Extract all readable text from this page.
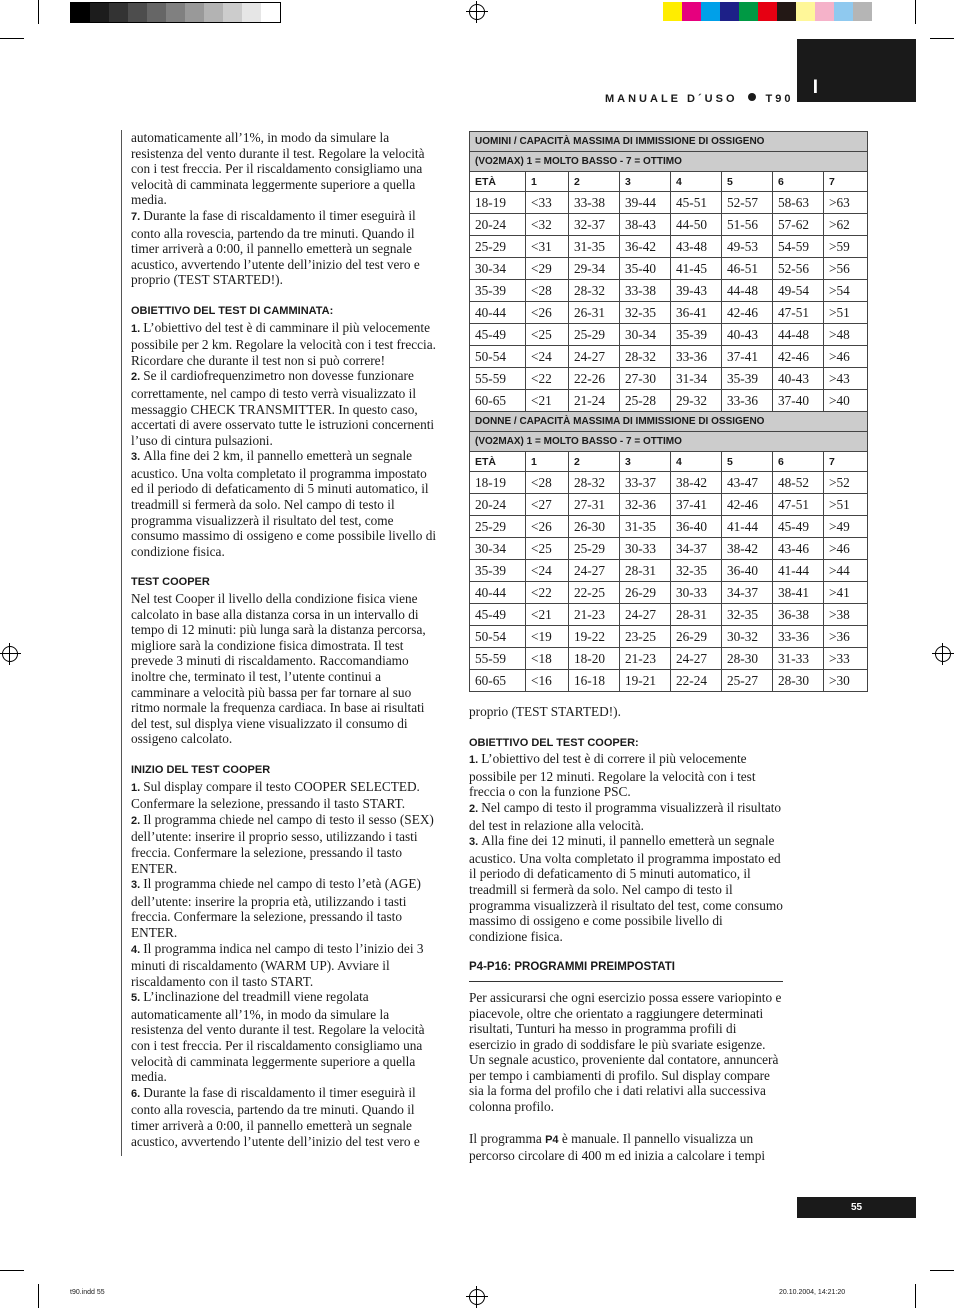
I
MANUALE D´USO	T90

automaticamente all’1%, in modo da simulare la resistenza del vento durante il test. Regolare la velocità con i test freccia. Per il riscaldamento consigliamo una velocità di camminata leggermente superiore a quella media.

7. Durante la fase di riscaldamento il timer eseguirà il conto alla rovescia, partendo da tre minuti. Quando il timer arriverà a 0:00, il pannello emetterà un segnale acustico, avvertendo l’utente dell’inizio del test vero e proprio (TEST STARTED!).

OBIETTIVO DEL TEST DI CAMMINATA:

1. L’obiettivo del test è di camminare il più velocemente possibile per 2 km. Regolare la velocità con i test freccia. Ricordare che durante il test non si può correre!

2. Se il cardiofrequenzimetro non dovesse funzionare correttamente, nel campo di testo verrà visualizzato il messaggio CHECK TRANSMITTER. In questo caso, accertati di avere osservato tutte le istruzioni concernenti l’uso di cintura pulsazioni.

3. Alla fine dei 2 km, il pannello emetterà un segnale acustico. Una volta completato il programma impostato ed il periodo di defaticamento di 5 minuti automatico, il treadmill si fermerà da solo. Nel campo di testo il programma visualizzerà il risultato del test, come consumo massimo di ossigeno e come possibile livello di condizione fisica.

TEST COOPER

Nel test Cooper il livello della condizione fisica viene calcolato in base alla distanza corsa in un intervallo di tempo di 12 minuti: più lunga sarà la distanza percorsa, migliore sarà la condizione fisica dimostrata. Il test prevede 3 minuti di riscaldamento. Raccomandiamo inoltre che, terminato il test, l’utente continui a camminare a velocità più bassa per far tornare al suo ritmo normale la frequenza cardiaca. In base ai risultati del test, sul displya viene visualizzato il consumo di ossigeno calcolato.

INIZIO DEL TEST COOPER

1. Sul display compare il testo COOPER SELECTED. Confermare la selezione, pressando il tasto START.

2. Il programma chiede nel campo di testo il sesso (SEX) dell’utente: inserire il proprio sesso, utilizzando i tasti freccia. Confermare la selezione, pressando il tasto ENTER.

3. Il programma chiede nel campo di testo l’età (AGE) dell’utente: inserire la propria età, utilizzando i tasti freccia. Confermare la selezione, pressando il tasto ENTER.

4. Il programma indica nel campo di testo l’inizio dei 3 minuti di riscaldamento (WARM UP). Avviare il riscaldamento con il tasto START.

5. L’inclinazione del treadmill viene regolata automaticamente all’1%, in modo da simulare la resistenza del vento durante il test. Regolare la velocità con i test freccia. Per il riscaldamento consigliamo una velocità di camminata leggermente superiore a quella media.

6. Durante la fase di riscaldamento il timer eseguirà il conto alla rovescia, partendo da tre minuti. Quando il timer arriverà a 0:00, il pannello emetterà un segnale acustico, avvertendo l’utente dell’inizio del test vero e

UOMINI / CAPACITÀ MASSIMA DI IMMISSIONE DI OSSIGENO							
(VO2MAX) 1 = MOLTO BASSO - 7 = OTTIMO							
ETÀ	1	2	3	4	5	6	7
18-19	<33	33-38	39-44	45-51	52-57	58-63	>63
20-24	<32	32-37	38-43	44-50	51-56	57-62	>62
25-29	<31	31-35	36-42	43-48	49-53	54-59	>59
30-34	<29	29-34	35-40	41-45	46-51	52-56	>56
35-39	<28	28-32	33-38	39-43	44-48	49-54	>54
40-44	<26	26-31	32-35	36-41	42-46	47-51	>51
45-49	<25	25-29	30-34	35-39	40-43	44-48	>48
50-54	<24	24-27	28-32	33-36	37-41	42-46	>46
55-59	<22	22-26	27-30	31-34	35-39	40-43	>43
60-65	<21	21-24	25-28	29-32	33-36	37-40	>40
DONNE / CAPACITÀ MASSIMA DI IMMISSIONE DI OSSIGENO							
(VO2MAX) 1 = MOLTO BASSO - 7 = OTTIMO							
ETÀ	1	2	3	4	5	6	7
18-19	<28	28-32	33-37	38-42	43-47	48-52	>52
20-24	<27	27-31	32-36	37-41	42-46	47-51	>51
25-29	<26	26-30	31-35	36-40	41-44	45-49	>49
30-34	<25	25-29	30-33	34-37	38-42	43-46	>46
35-39	<24	24-27	28-31	32-35	36-40	41-44	>44
40-44	<22	22-25	26-29	30-33	34-37	38-41	>41
45-49	<21	21-23	24-27	28-31	32-35	36-38	>38
50-54	<19	19-22	23-25	26-29	30-32	33-36	>36
55-59	<18	18-20	21-23	24-27	28-30	31-33	>33
60-65	<16	16-18	19-21	22-24	25-27	28-30	>30

proprio (TEST STARTED!).

OBIETTIVO DEL TEST COOPER:

1. L’obiettivo del test è di correre il più velocemente possibile per 12 minuti. Regolare la velocità con i test freccia o con la funzione PSC.

2. Nel campo di testo il programma visualizzerà il risultato del test in relazione alla velocità.

3. Alla fine dei 12 minuti, il pannello emetterà un segnale acustico. Una volta completato il programma impostato ed il periodo di defaticamento di 5 minuti automatico, il treadmill si fermerà da solo. Nel campo di testo il programma visualizzerà il risultato del test, come consumo massimo di ossigeno e come possibile livello di condizione fisica.

P4-P16: PROGRAMMI PREIMPOSTATI

Per assicurarsi che ogni esercizio possa essere variopinto e piacevole, oltre che orientato a raggiungere determinati risultati, Tunturi ha messo in programma profili di esercizio in grado di soddisfare le più svariate esigenze. Un segnale acustico, proveniente dal contatore, annuncerà per tempo i cambiamenti di profilo. Sul display compare sia la forma del profilo che i dati relativi alla successiva colonna profilo.

Il programma P4 è manuale. Il pannello visualizza un percorso circolare di 400 m ed inizia a calcolare i tempi

55
t90.indd 55	20.10.2004, 14:21:20
